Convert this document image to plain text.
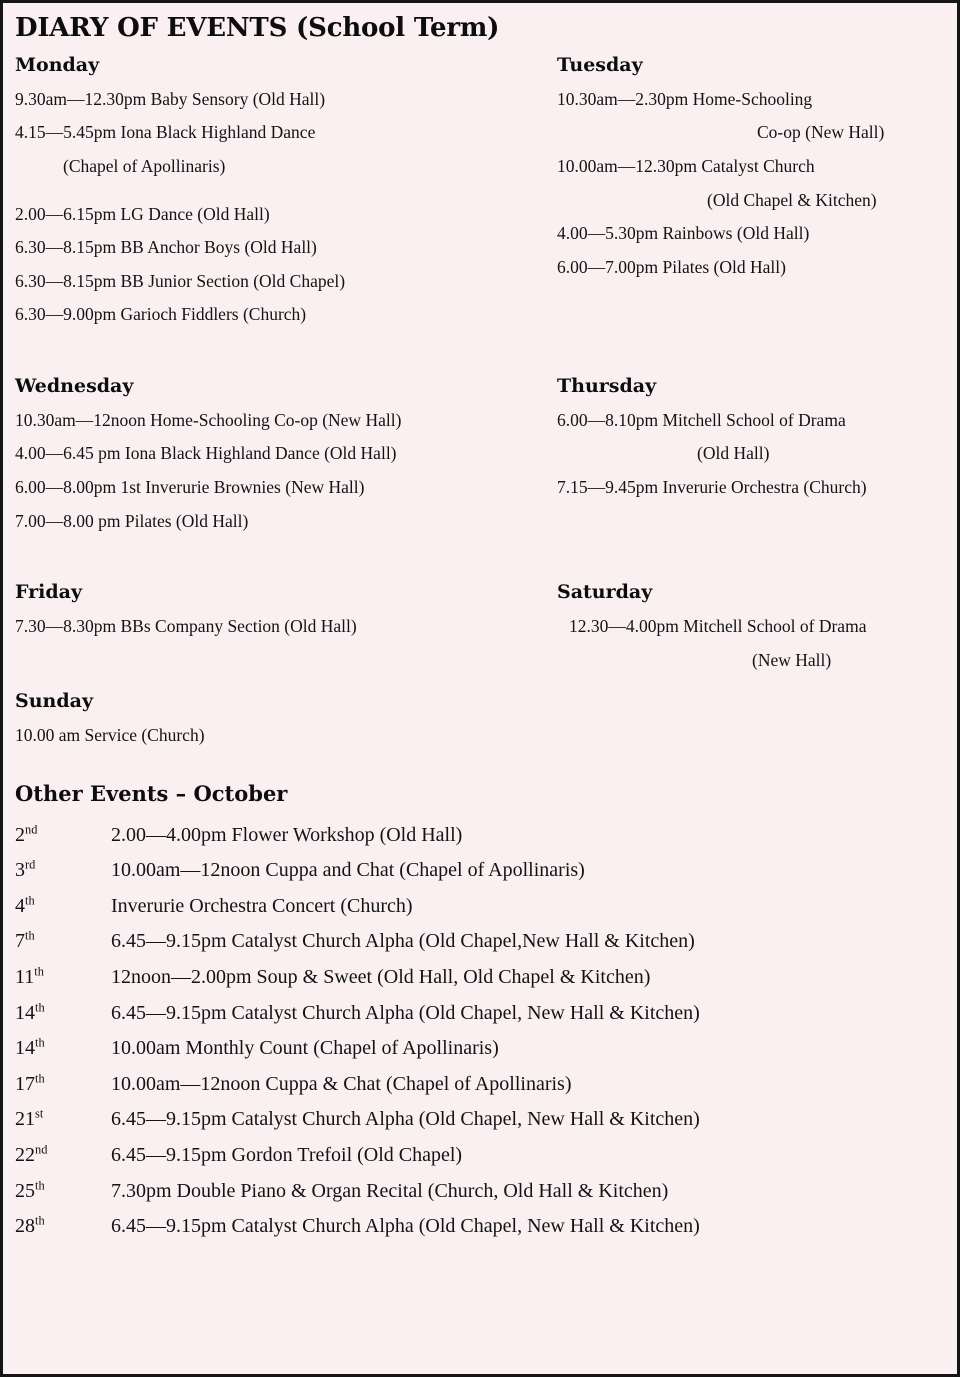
DIARY OF EVENTS (School Term)
Monday
9.30am—12.30pm Baby Sensory (Old Hall)
4.15—5.45pm Iona Black Highland Dance
(Chapel of Apollinaris)
2.00—6.15pm LG Dance (Old Hall)
6.30—8.15pm BB Anchor Boys (Old Hall)
6.30—8.15pm BB Junior Section (Old Chapel)
6.30—9.00pm Garioch Fiddlers (Church)
Tuesday
10.30am—2.30pm Home-Schooling
Co-op (New Hall)
10.00am—12.30pm Catalyst Church
(Old Chapel & Kitchen)
4.00—5.30pm Rainbows (Old Hall)
6.00—7.00pm Pilates (Old Hall)
Wednesday
10.30am—12noon Home-Schooling Co-op (New Hall)
4.00—6.45 pm Iona Black Highland Dance (Old Hall)
6.00—8.00pm 1st Inverurie Brownies (New Hall)
7.00—8.00 pm Pilates (Old Hall)
Thursday
6.00—8.10pm Mitchell School of Drama
(Old Hall)
7.15—9.45pm Inverurie Orchestra (Church)
Friday
7.30—8.30pm BBs Company Section (Old Hall)
Saturday
12.30—4.00pm Mitchell School of Drama
(New Hall)
Sunday
10.00 am Service (Church)
Other Events – October
2nd	2.00—4.00pm Flower Workshop (Old Hall)
3rd	10.00am—12noon Cuppa and Chat (Chapel of Apollinaris)
4th	Inverurie Orchestra Concert (Church)
7th	6.45—9.15pm Catalyst Church Alpha (Old Chapel,New Hall & Kitchen)
11th	12noon—2.00pm Soup & Sweet (Old Hall, Old Chapel & Kitchen)
14th	6.45—9.15pm Catalyst Church Alpha (Old Chapel, New Hall & Kitchen)
14th	10.00am Monthly Count (Chapel of Apollinaris)
17th	10.00am—12noon Cuppa & Chat (Chapel of Apollinaris)
21st	6.45—9.15pm Catalyst Church Alpha (Old Chapel, New Hall & Kitchen)
22nd	6.45—9.15pm Gordon Trefoil (Old Chapel)
25th	7.30pm Double Piano & Organ Recital (Church, Old Hall & Kitchen)
28th	6.45—9.15pm Catalyst Church Alpha (Old Chapel, New Hall & Kitchen)
